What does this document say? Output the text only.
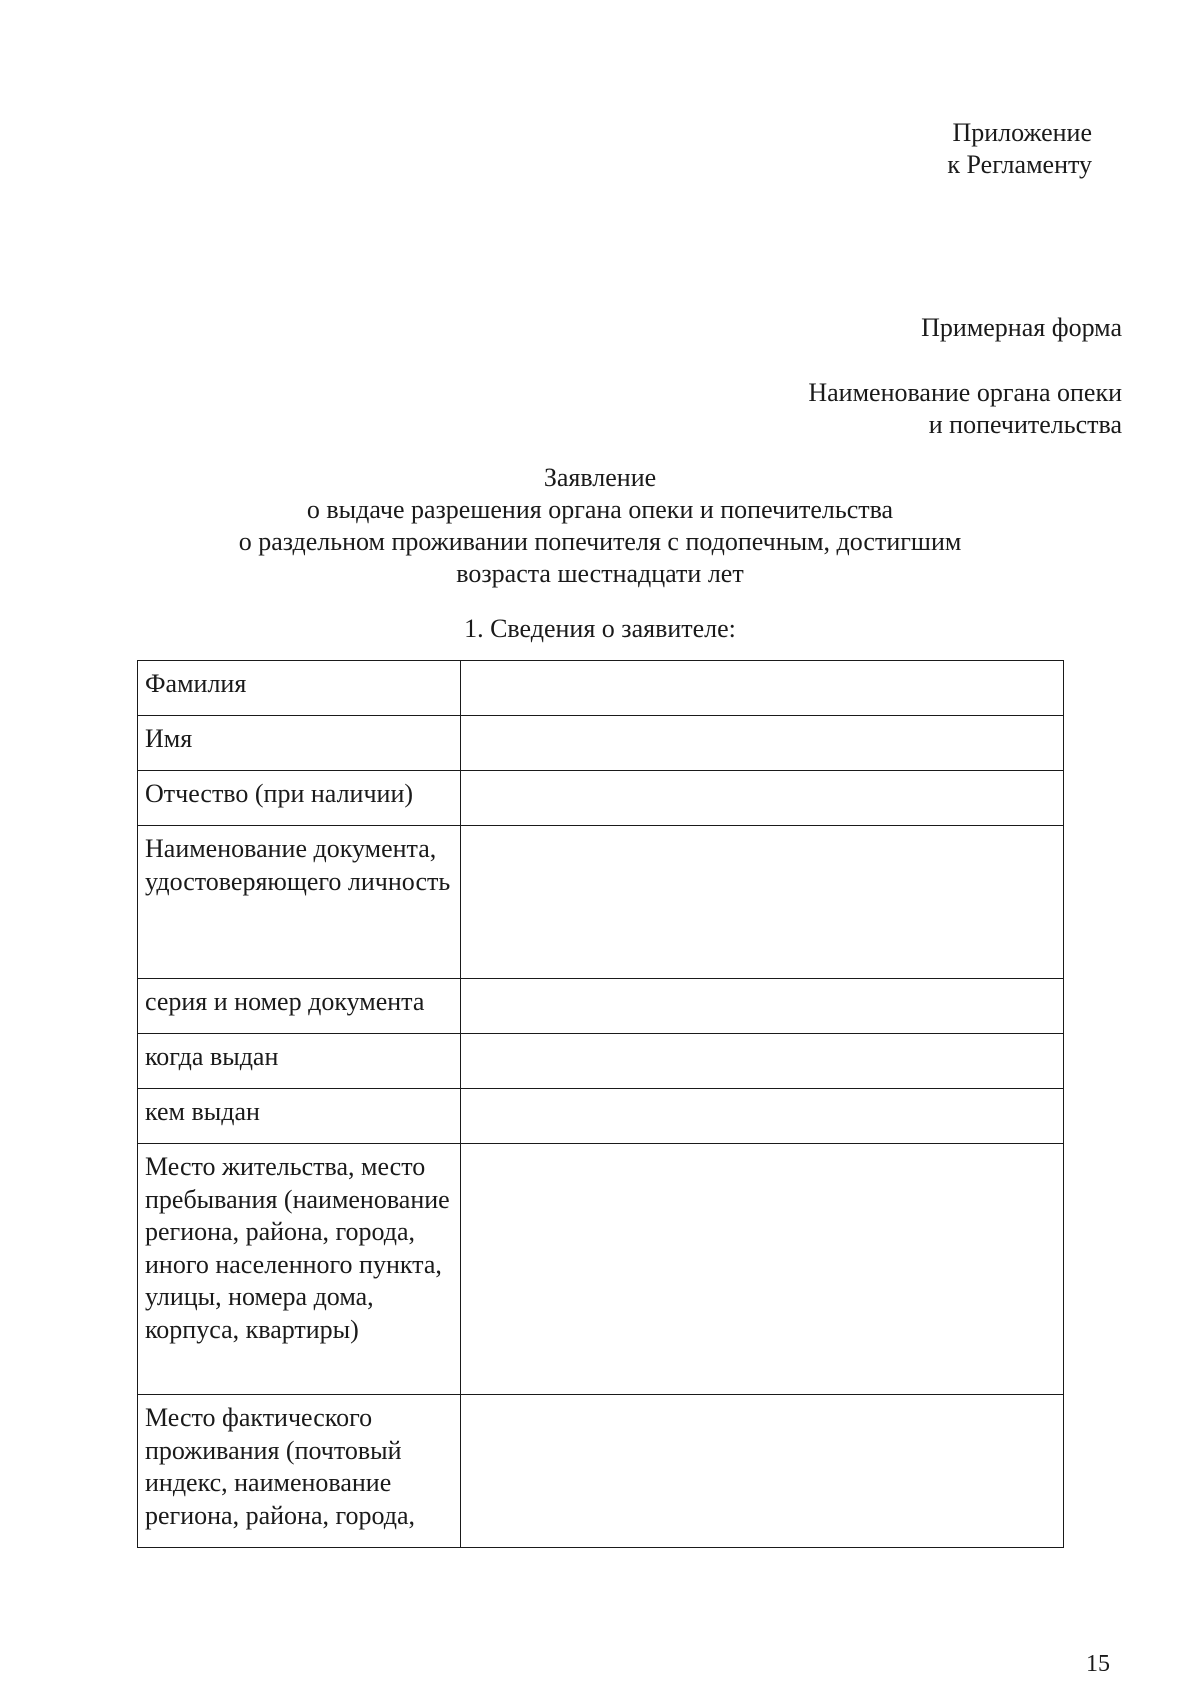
Приложение
к Регламенту
Примерная форма
Наименование органа опеки
и попечительства
Заявление
о выдаче разрешения органа опеки и попечительства
о раздельном проживании попечителя с подопечным, достигшим
возраста шестнадцати лет
1. Сведения о заявителе:
Фамилия	
Имя	
Отчество (при наличии)	
Наименование документа, удостоверяющего личность	
серия и номер документа	
когда выдан	
кем выдан	
Место жительства, место пребывания (наименование региона, района, города, иного населенного пункта, улицы, номера дома, корпуса, квартиры)	
Место фактического проживания (почтовый индекс, наименование региона, района, города,	
15
